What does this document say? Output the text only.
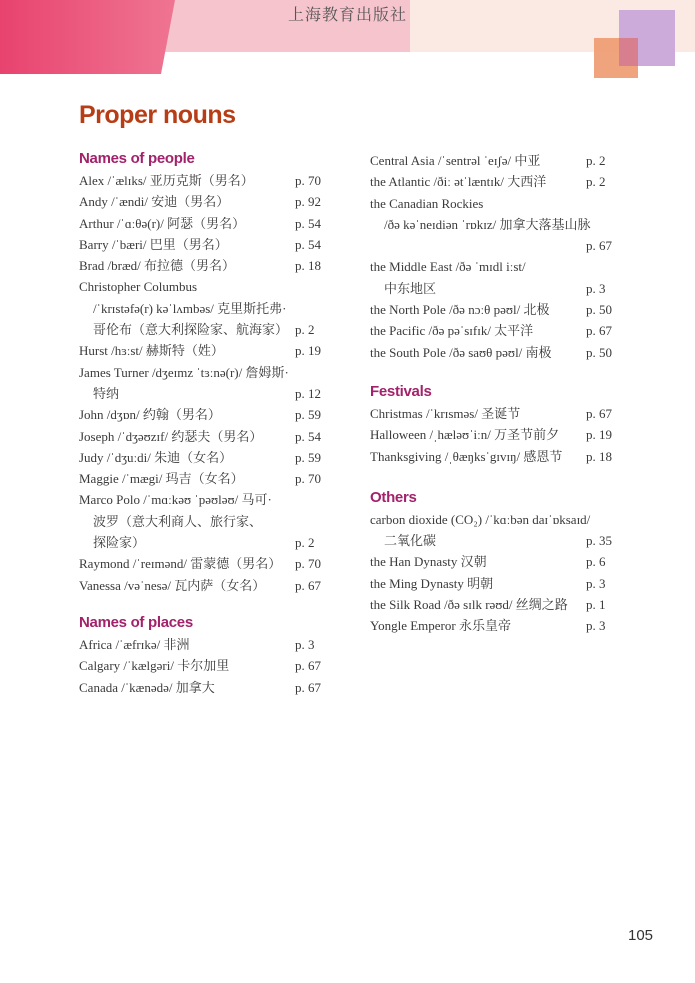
上海教育出版社
Proper nouns
Names of people
Alex /ˈælɪks/ 亚历克斯（男名）	p. 70
Andy /ˈændi/ 安迪（男名）	p. 92
Arthur /ˈɑːθə(r)/ 阿瑟（男名）	p. 54
Barry /ˈbæri/ 巴里（男名）	p. 54
Brad /bræd/ 布拉德（男名）	p. 18
Christopher Columbus
/ˈkrɪstəfə(r) kəˈlʌmbəs/ 克里斯托弗·
哥伦布（意大利探险家、航海家） p. 2
Hurst /hɜːst/ 赫斯特（姓）	p. 19
James Turner /dʒeɪmz ˈtɜːnə(r)/ 詹姆斯·
特纳	p. 12
John /dʒɒn/ 约翰（男名）	p. 59
Joseph /ˈdʒəʊzɪf/ 约瑟夫（男名）	p. 54
Judy /ˈdʒuːdi/ 朱迪（女名）	p. 59
Maggie /ˈmægi/ 玛吉（女名）	p. 70
Marco Polo /ˈmɑːkəʊ ˈpəʊləʊ/ 马可·
波罗（意大利商人、旅行家、
探险家）	p. 2
Raymond /ˈreɪmənd/ 雷蒙德（男名） p. 70
Vanessa /vəˈnesə/ 瓦内萨（女名） p. 67
Names of places
Africa /ˈæfrɪkə/ 非洲	p. 3
Calgary /ˈkælgəri/ 卡尔加里	p. 67
Canada /ˈkænədə/ 加拿大	p. 67
Central Asia /ˈsentrəl ˈeɪʃə/ 中亚	p. 2
the Atlantic /ðiː ətˈlæntɪk/ 大西洋	p. 2
the Canadian Rockies
/ðə kəˈneɪdiən ˈrɒkɪz/ 加拿大落基山脉
p. 67
the Middle East /ðə ˈmɪdl iːst/
中东地区	p. 3
the North Pole /ðə nɔːθ pəʊl/ 北极	p. 50
the Pacific /ðə pəˈsɪfɪk/ 太平洋	p. 67
the South Pole /ðə saʊθ pəʊl/ 南极	p. 50
Festivals
Christmas /ˈkrɪsməs/ 圣诞节	p. 67
Halloween /ˌhæləʊˈiːn/ 万圣节前夕 p. 19
Thanksgiving /ˌθæŋksˈgɪvɪŋ/ 感恩节 p. 18
Others
carbon dioxide (CO₂) /ˈkɑːbən daɪˈɒksaɪd/
二氧化碳	p. 35
the Han Dynasty 汉朝	p. 6
the Ming Dynasty 明朝	p. 3
the Silk Road /ðə sɪlk rəʊd/ 丝绸之路 p. 1
Yongle Emperor 永乐皇帝	p. 3
105
